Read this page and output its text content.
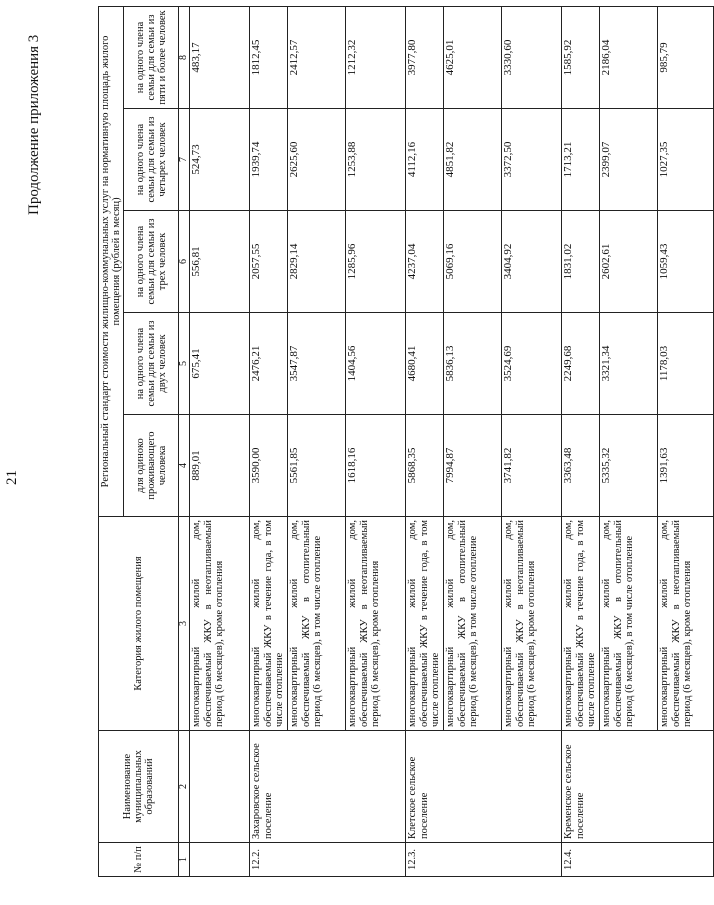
21
Продолжение приложения 3
№ п/п	Наименование муниципальных образований	Категория жилого помещения	Региональный стандарт стоимости жилищно-коммунальных услуг на нормативную площадь жилого помещения (рублей в месяц)				
			для одиноко проживающего человека	на одного члена семьи для семьи из двух человек	на одного члена семьи для семьи из трех человек	на одного члена семьи для семьи из четырех человек	на одного члена семьи для семьи из пяти и более человек
1	2	3	4	5	6	7	8
		многоквартирный жилой дом, обеспечиваемый ЖКУ в неотапливаемый период (6 месяцев), кроме отопления	889,01	675,41	556,81	524,73	483,17
12.2.	Захаровское сельское поселение	многоквартирный жилой дом, обеспечиваемый ЖКУ в течение года, в том числе отопление	3590,00	2476,21	2057,55	1939,74	1812,45
		многоквартирный жилой дом, обеспечиваемый ЖКУ в отопительный период (6 месяцев), в том числе отопление	5561,85	3547,87	2829,14	2625,60	2412,57
		многоквартирный жилой дом, обеспечиваемый ЖКУ в неотапливаемый период (6 месяцев), кроме отопления	1618,16	1404,56	1285,96	1253,88	1212,32
12.3.	Клетское сельское поселение	многоквартирный жилой дом, обеспечиваемый ЖКУ в течение года, в том числе отопление	5868,35	4680,41	4237,04	4112,16	3977,80
		многоквартирный жилой дом, обеспечиваемый ЖКУ в отопительный период (6 месяцев), в том числе отопление	7994,87	5836,13	5069,16	4851,82	4625,01
		многоквартирный жилой дом, обеспечиваемый ЖКУ в неотапливаемый период (6 месяцев), кроме отопления	3741,82	3524,69	3404,92	3372,50	3330,60
12.4.	Кременское сельское поселение	многоквартирный жилой дом, обеспечиваемый ЖКУ в течение года, в том числе отопление	3363,48	2249,68	1831,02	1713,21	1585,92
		многоквартирный жилой дом, обеспечиваемый ЖКУ в отопительный период (6 месяцев), в том числе отопление	5335,32	3321,34	2602,61	2399,07	2186,04
		многоквартирный жилой дом, обеспечиваемый ЖКУ в неотапливаемый период (6 месяцев), кроме отопления	1391,63	1178,03	1059,43	1027,35	985,79
